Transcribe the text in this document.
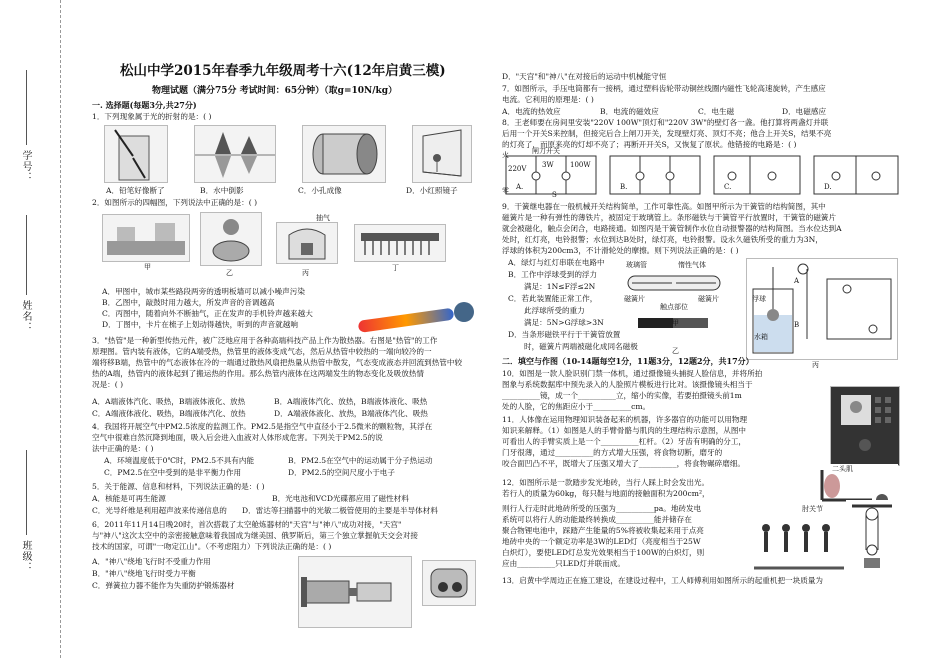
学号：
姓名：
班级：
松山中学2015年春季九年级周考十六(12年启黄三模)
物理试题（满分75分 考试时间：65分钟）（取g=10N/kg）
一. 选择题(每题3分,共27分)
1．下列现象属于光的折射的是：( )
A．铅笔好像断了	B．水中倒影	C．小孔成像	D．小红照镜子
2．如图所示的四幅图，下列说法中正确的是：( )
抽气
甲
乙	丙
丁
A．甲图中，城市某些路段两旁的透明板墙可以减小噪声污染
B．乙图中，敲鼓时用力越大，所发声音的音调越高
C．丙图中，随着向外不断抽气，正在发声的手机铃声越来越大
D．丁图中，卡片在梳子上划动得越快，听到的声音就越响
3．"热管"是一种新型传热元件，被广泛地应用于各种高端科技产品上作为散热器。右图是"热管"的工作
原理图。管内装有液体，它的A端受热，热管里的液体变成气态，然后从热管中较热的一端向较冷的一
端将移B端，热管中的气态液体在冷的一端通过散热风扇把热量从热管中散发，气态变成液态并回流到热管中较
热的A端，热管内的液体起到了搬运热的作用。那么热管内液体在这两端发生的物态变化及吸放热情
况是：( )
A．A端液体汽化、吸热，B端液体液化、放热	B．A端液体汽化、放热，B端液体液化、吸热
C．A端液体液化、吸热，B端液体汽化、放热	D．A端液体液化、放热，B端液体汽化、吸热
4．我国将开展空气中PM2.5浓度的监测工作。PM2.5是指空气中直径小于2.5微米的颗粒物，其浮在
空气中很难自然沉降到地面，吸入后会进入血液对人体形成危害。下列关于PM2.5的说
法中正确的是：( )
A．环境温度低于0℃时，PM2.5不具有内能	B．PM2.5在空气中的运动属于分子热运动
C．PM2.5在空中受到的是非平衡力作用	D．PM2.5的空间尺度小于电子
5．关于能源、信息和材料，下列说法正确的是：( )
A．核能是可再生能源	B．光电池和VCD光碟都应用了磁性材料
C．光导纤维是利用超声波来传递信息的 D．雷达等扫描器中的光敏二极管使用的主要是半导体材料
6．2011年11月14日晚20时，首次搭载了太空舱炼器材的"天宫"与"神八"成功对接，"天宫"
与"神八"这次太空中的亲密接触意味着我国成为继美国、俄罗斯后，第三个独立掌握航天交会对接
技术的国家，可谓"一吻定江山"。（不考虑阻力）下列说法正确的是：( )
A．"神八"绕地飞行时不受重力作用
B．"神八"绕地飞行时受力平衡
C．弹簧拉力器不能作为失重防护锻炼器材
D．"天宫"和"神八"在对接后的运动中机械能守恒
7．如图所示，手压电筒都有一接柄，通过塑料齿轮带动铜丝线圈内磁性飞轮高速旋转，产生感应
电流。它利用的原理是：( )
A．电流的热效应	B．电流的磁效应	C．电生磁	D．电磁感应
8．王老师要在房间里安装"220V 100W"顶灯和"220V 3W"的壁灯各一盏。他打算将两盏灯并联
后用一个开关S来控制，但接完后合上闸刀开关，发现壁灯亮、顶灯不亮；他合上开关S，结果不亮
的灯亮了，而原来亮的灯却不亮了；再断开开关S，又恢复了原状。他错接的电路是：( )
火
零
闸刀开关
220V 3W 100W
S
A.	B.	C.	D.
9．干簧继电器在一般机械开关结构简单，工作可靠性高。如图甲所示为干簧管的结构简图，其中
磁簧片是一种有弹性的薄铁片，被固定于玻璃管上。条形磁铁与干簧管平行放置时，干簧管的磁簧片
就会被磁化，触点会闭合，电路接通。如图丙是干簧管制作水位自动报警器的结构简图。当水位达到A
处时，红灯亮，电铃报警；水位到达B处时，绿灯亮，电铃报警。设永久磁铁所受的重力为3N，
浮球的体积为200cm3，不计滑轮处的摩擦。则下列说法正确的是：( )
A．绿灯与红灯串联在电路中
B．工作中浮球受到的浮力
满足：1N≤F浮≤2N
C．若此装置能正常工作，
此浮球所受的重力
满足：5N>G浮球>3N
D．当条形磁铁平行于干簧管放置
时，磁簧片两端被磁化成同名磁极
玻璃管	惰性气体
磁簧片
触点部位
磁簧片
甲
乙
浮球
水箱
A
B
丙
二．填空与作图（10-14题每空1分，11题3分，12题2分，共17分）
10．如图是一款人脸识别门禁一体机，通过摄像镜头捕捉人脸信息，并将所拍
图象与系统数据库中预先录入的人脸照片模板进行比对。该摄像镜头相当于
__________镜，成一个__________立，缩小的实像，若要拍摄镜头前1m
处的人脸，它的焦距应小于__________cm。
11．人体像在运用物理知识装备起来的机器，许多器官的功能可以用物理
知识来解释。（1）如图是人的手臂骨骼与肌肉的生理结构示意图，从图中
可看出人的手臂实质上是一个__________杠杆。（2）牙齿有明确的分工，
门牙很薄，通过__________的方式增大压强，将食物切断，磨牙的
咬合面凹凸不平，既增大了压强又增大了__________，将食物碾碎磨细。
二头肌
肘关节
12．如图所示是一款踏步发光地砖，当行人踩上时会发出光。
若行人的质量为60kg，每只鞋与地面的接触面积为200cm²，
则行人行走时此地砖所受的压强为__________pa。地砖发电
系统可以将行人的动能最终转换成__________能并储存在
聚合物锂电池中，踩踏产生能量的5%将被收集起来用于点亮
地砖中央的一个额定功率是3W的LED灯（亮度相当于25W
白炽灯），要使LED灯总发光效果相当于100W的白炽灯，则
应由__________只LED灯并联而成。
13．启黄中学周边正在施工建设，在建设过程中，工人师傅利用如图所示的起重机把一块质量为
